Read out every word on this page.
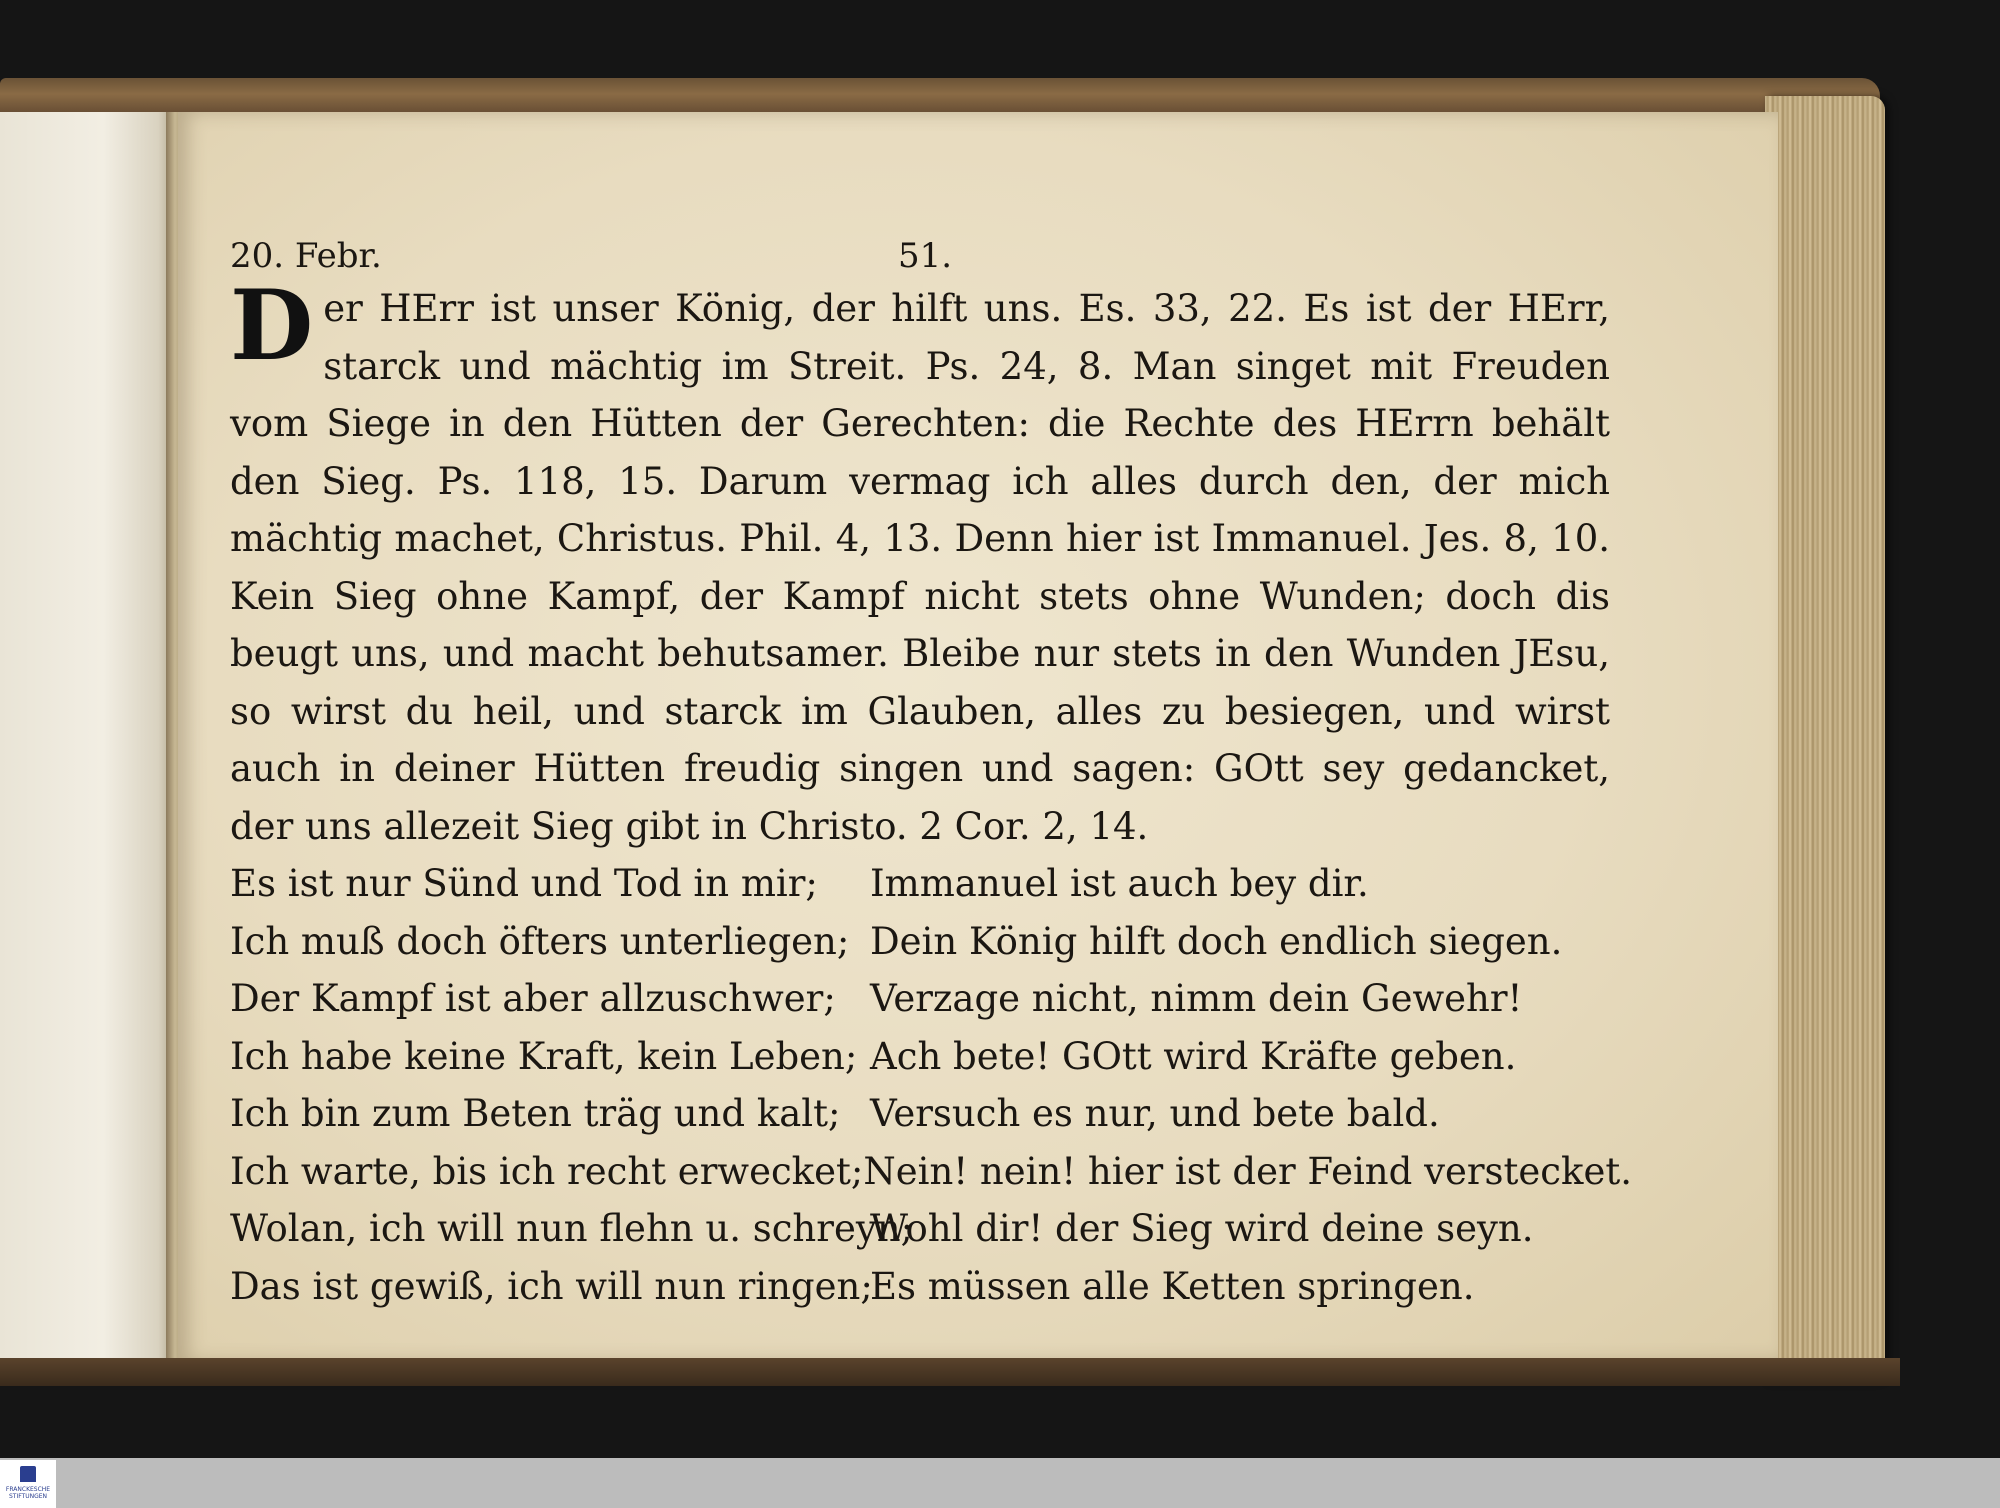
20. Febr.	51.
D er HErr ist unser König, der hilft uns. Es. 33, 22. Es ist der HErr, starck und mächtig im Streit. Ps. 24, 8. Man singet mit Freuden vom Siege in den Hütten der Gerechten: die Rechte des HErrn behält den Sieg. Ps. 118, 15. Darum vermag ich alles durch den, der mich mächtig machet, Christus. Phil. 4, 13. Denn hier ist Immanuel. Jes. 8, 10. Kein Sieg ohne Kampf, der Kampf nicht stets ohne Wunden; doch dis beugt uns, und macht behutsamer. Bleibe nur stets in den Wunden JEsu, so wirst du heil, und starck im Glauben, alles zu besiegen, und wirst auch in deiner Hütten freudig singen und sagen: GOtt sey gedancket, der uns allezeit Sieg gibt in Christo. 2 Cor. 2, 14.
Es ist nur Sünd und Tod in mir;	Immanuel ist auch bey dir.
Ich muß doch öfters unterliegen; Dein König hilft doch endlich siegen.
Der Kampf ist aber allzuschwer; Verzage nicht, nimm dein Gewehr!
Ich habe keine Kraft, kein Leben; Ach bete! GOtt wird Kräfte geben.
Ich bin zum Beten träg und kalt; Versuch es nur, und bete bald.
Ich warte, bis ich recht erwecket; Nein! nein! hier ist der Feind verstecket.
Wolan, ich will nun flehn u. schreyn;
Wohl dir! der Sieg wird deine seyn.
Das ist gewiß, ich will nun ringen;
Es müssen alle Ketten springen.
FRANCKESCHE STIFTUNGEN
